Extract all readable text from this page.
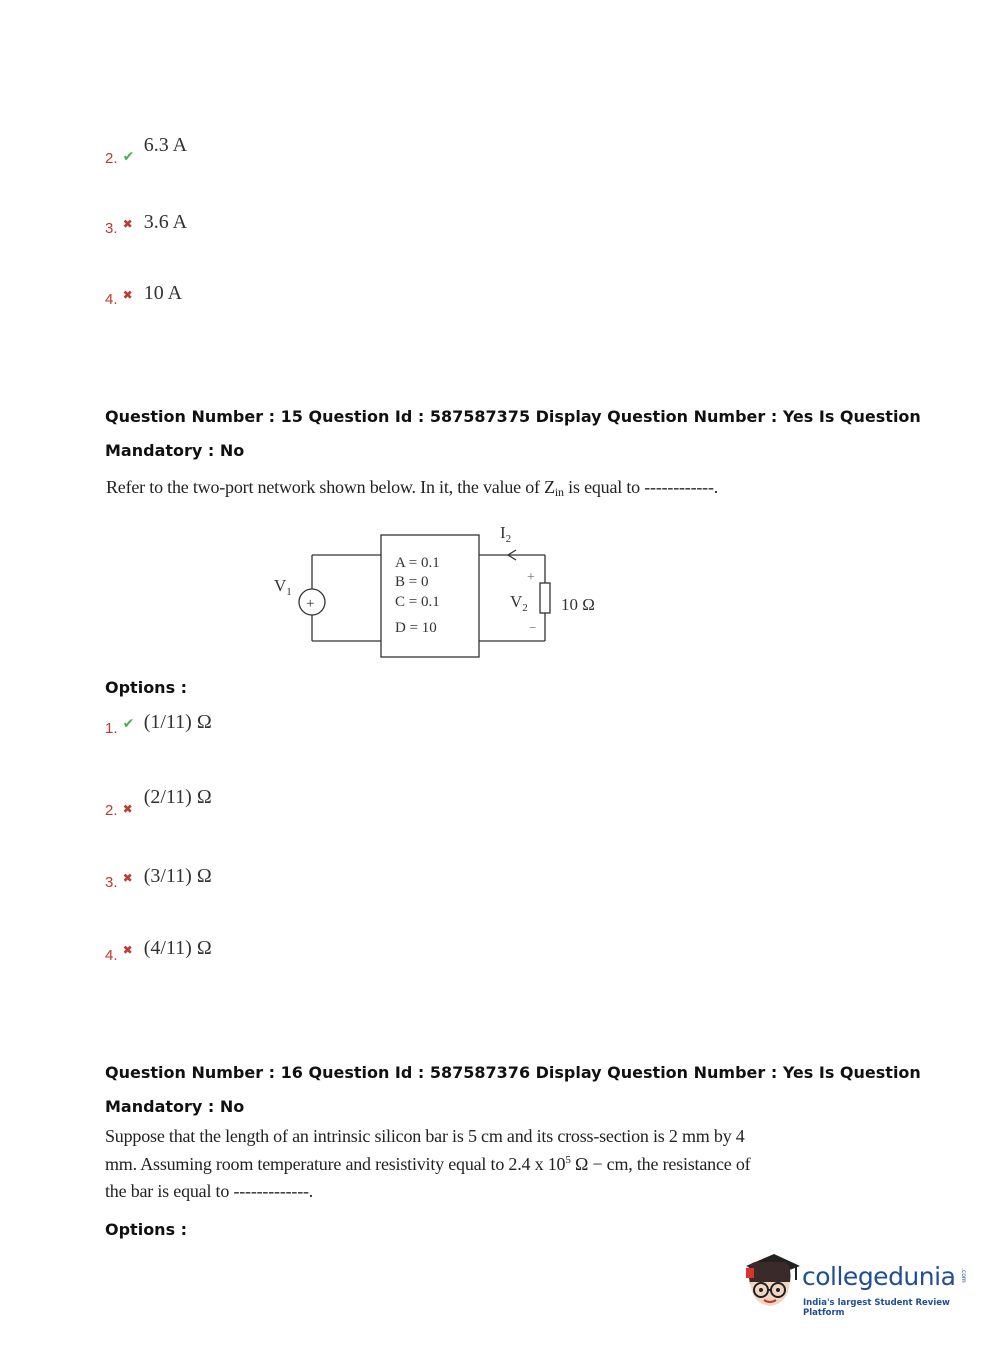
2. ✔ 6.3 A
3. ✖ 3.6 A
4. ✖ 10 A
Question Number : 15 Question Id : 587587375 Display Question Number : Yes Is Question
Mandatory : No
Refer to the two-port network shown below. In it, the value of $Z_{in}$ is equal to ------------.
+
$V_1$
$I_2$
$V_2$
+
−
10 Ω
A = 0.1
B = 0
C = 0.1
D = 10
Options :
1. ✔ (1/11) Ω
2. ✖ (2/11) Ω
3. ✖ (3/11) Ω
4. ✖ (4/11) Ω
Question Number : 16 Question Id : 587587376 Display Question Number : Yes Is Question
Mandatory : No
Suppose that the length of an intrinsic silicon bar is 5 cm and its cross-section is 2 mm by 4
mm. Assuming room temperature and resistivity equal to 2.4 x $10^5$ Ω − cm, the resistance of
the bar is equal to -------------.
Options :
collegedunia .com
India's largest Student Review Platform
